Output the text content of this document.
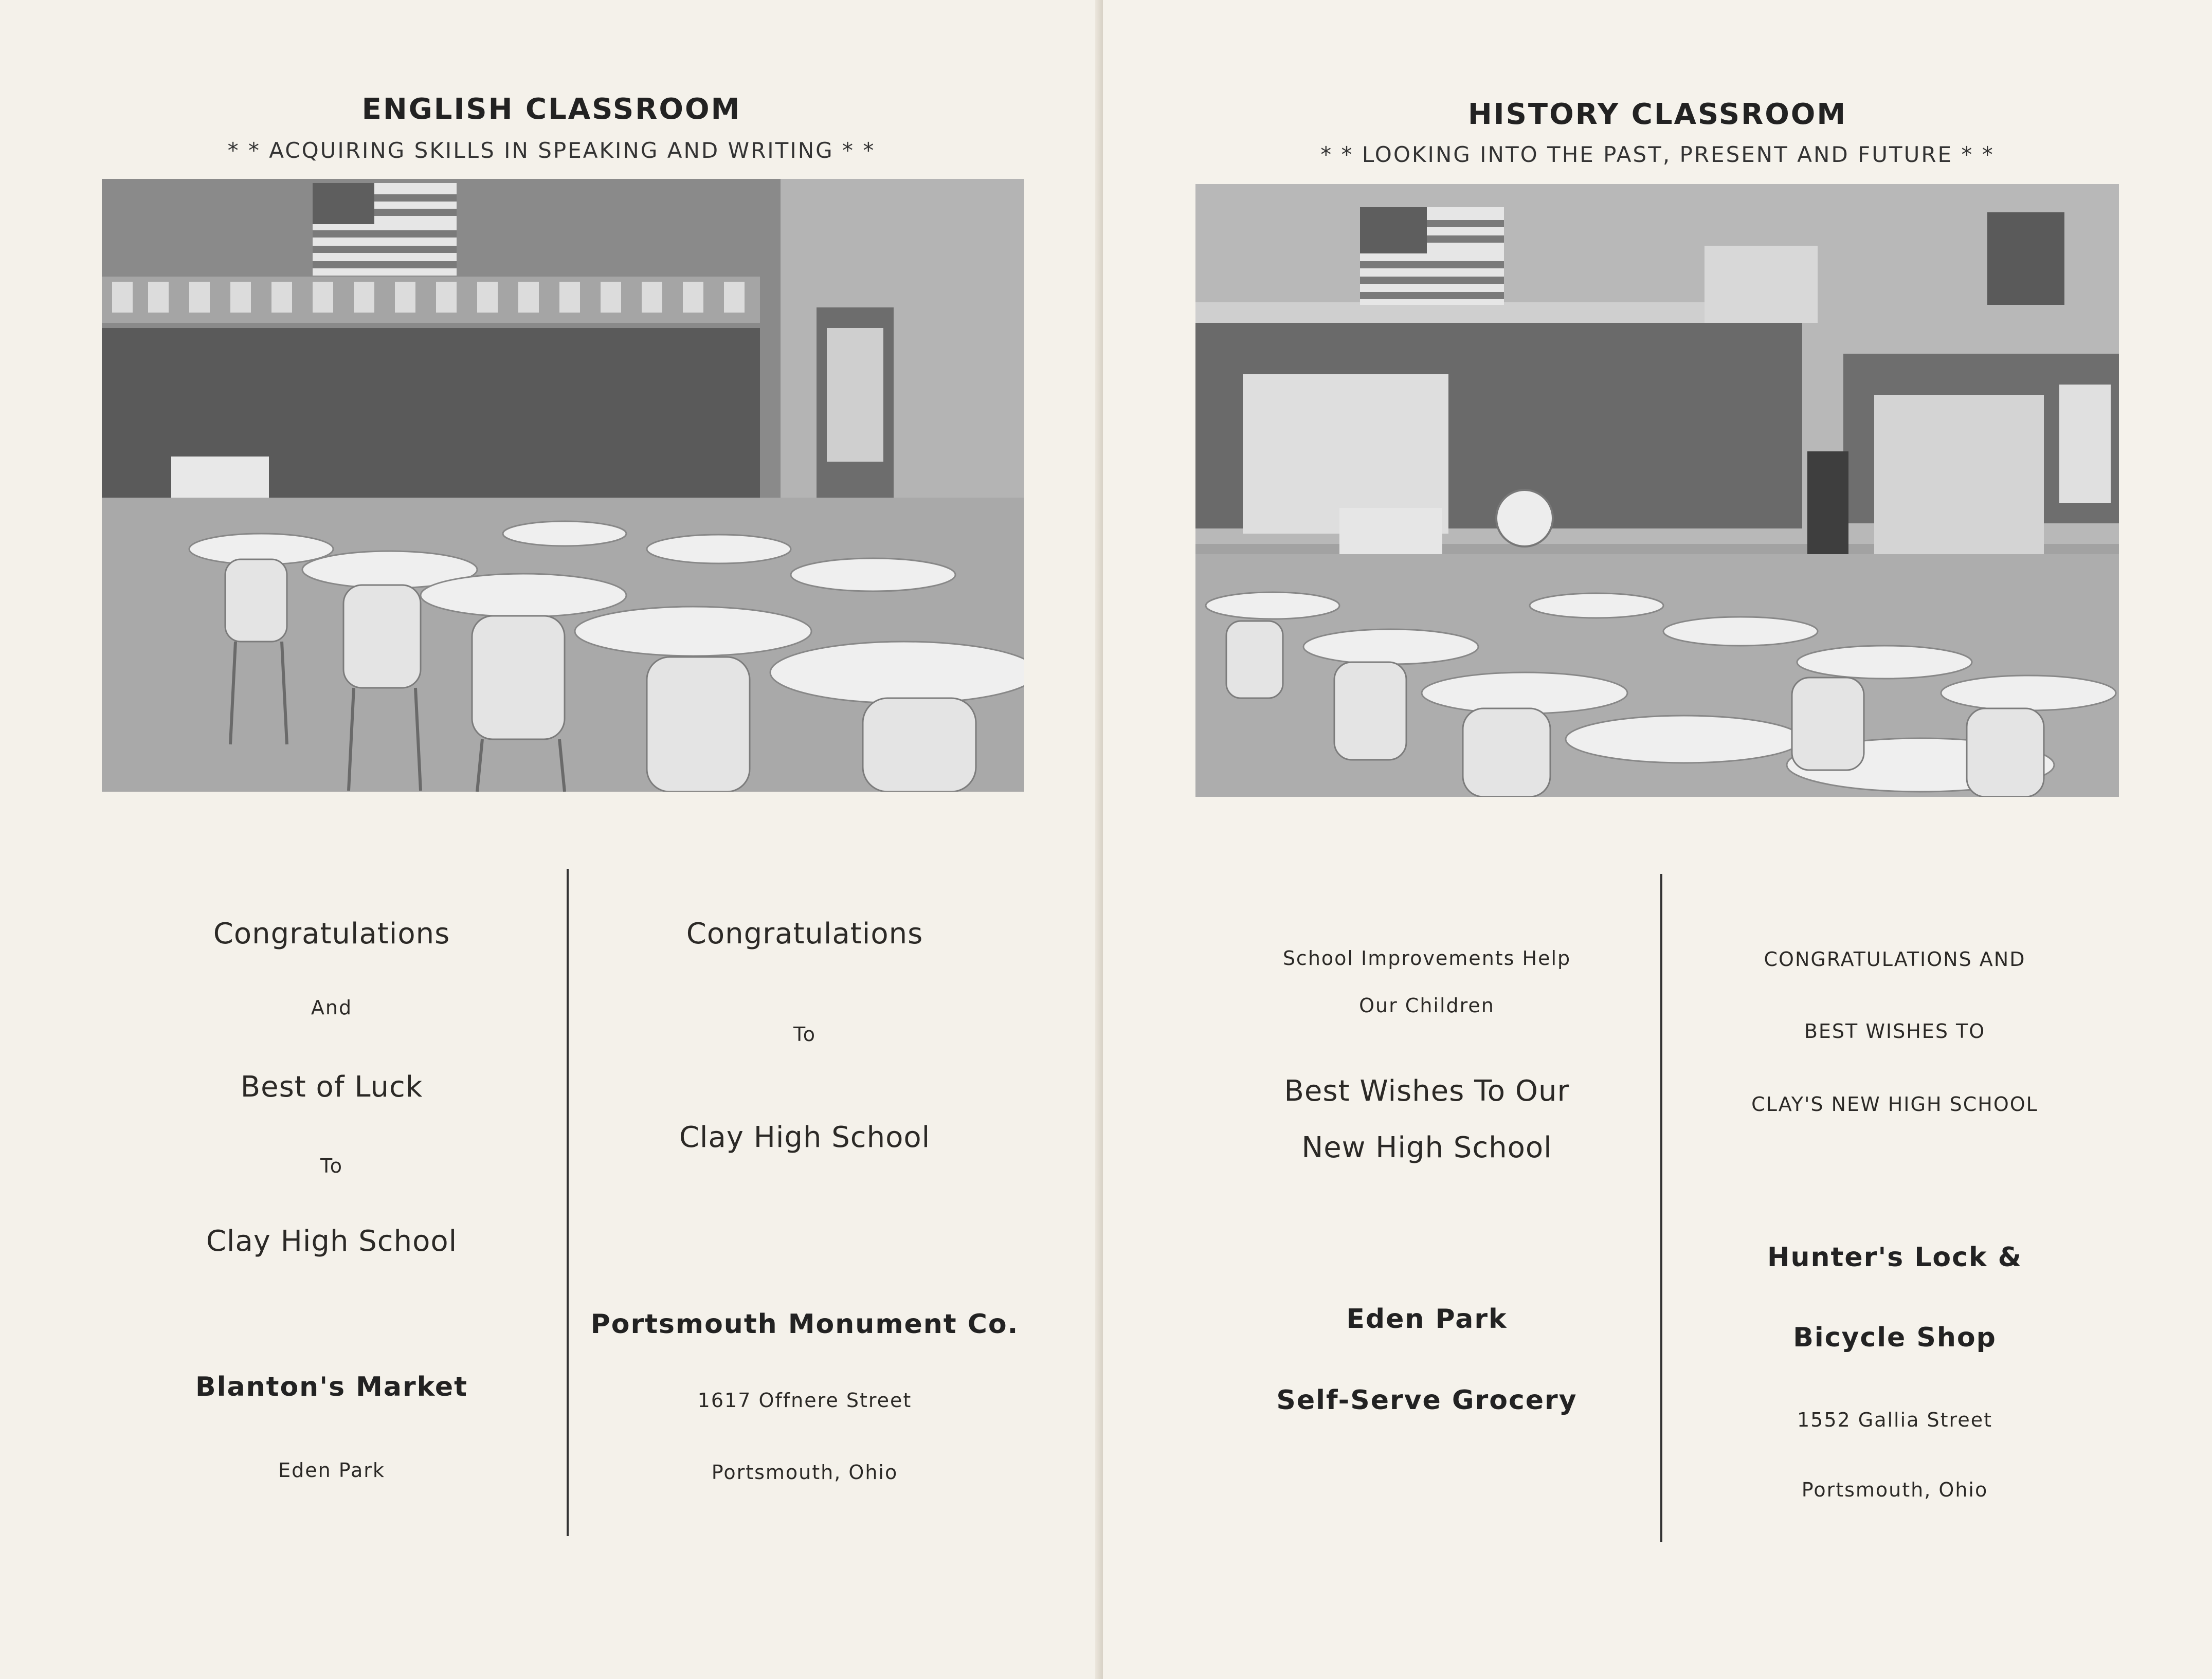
ENGLISH CLASSROOM
* * ACQUIRING SKILLS IN SPEAKING AND WRITING * *
Congratulations
And
Best of Luck
To
Clay High School
Blanton's Market
Eden Park
Congratulations
To
Clay High School
Portsmouth Monument Co.
1617 Offnere Street
Portsmouth, Ohio
HISTORY CLASSROOM
* * LOOKING INTO THE PAST, PRESENT AND FUTURE * *
School Improvements Help
Our Children
Best Wishes To Our
New High School
Eden Park
Self-Serve Grocery
CONGRATULATIONS AND
BEST WISHES TO
CLAY'S NEW HIGH SCHOOL
Hunter's Lock &
Bicycle Shop
1552 Gallia Street
Portsmouth, Ohio
